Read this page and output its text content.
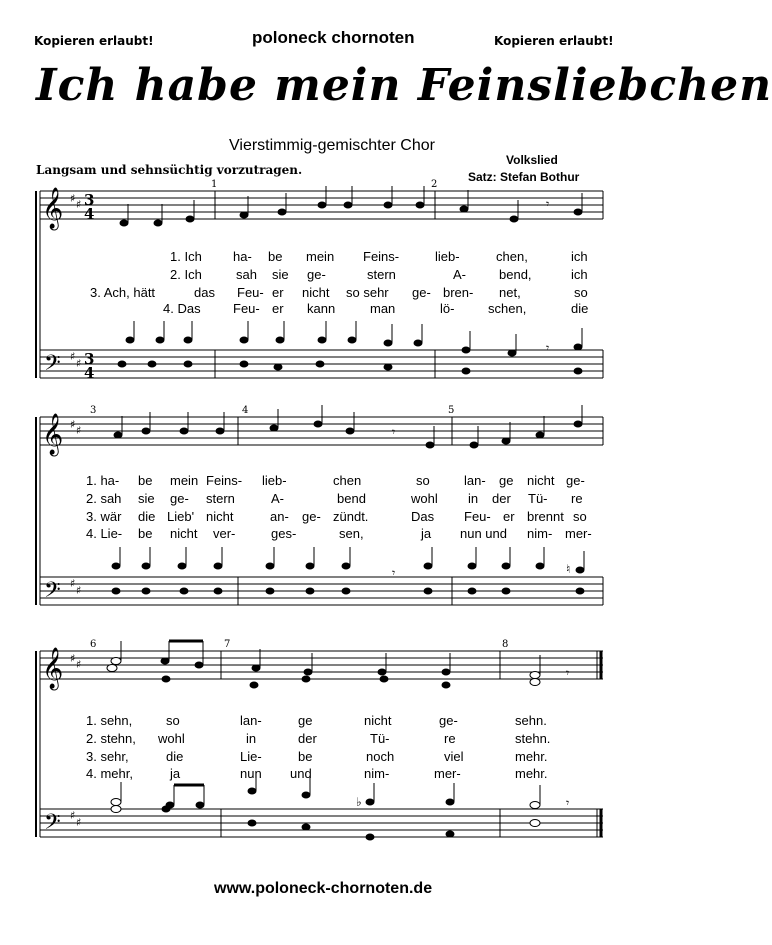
Kopieren erlaubt!	poloneck chornoten	Kopieren erlaubt!
Ich habe mein Feinsliebchen
Vierstimmig-gemischter Chor
Langsam und sehnsüchtig vorzutragen.
Volkslied
Satz: Stefan Bothur
𝄞
𝄢
♯ ♯
♯
♯
3
4
3
4
1	2
𝄾
𝄾
1. Ich ha- be mein Feins-	lieb-	chen,	ich
2. Ich	sah sie ge-	stern	A-	bend,	ich
3. Ach, hätt	das Feu- er nicht so sehr ge- bren- net,	so
4. Das Feu- er kann	man	lö-	schen,	die
𝄞
𝄢
♯ ♯
♯
♯
3	4	5
𝄾
𝄾	♮
1. ha- be mein Feins- lieb-	chen	so	lan- ge nicht ge-
2. sah sie ge- stern	A-	bend	wohl in der Tü- re
3. wär die Lieb' nicht	an- ge- zündt.	Das Feu- er brennt so
4. Lie- be nicht ver-	ges-	sen,	ja nun und nim- mer-
𝄞
𝄢
♯ ♯
♯
♯
6	7	8
𝄾
𝄾
♭
1. sehn,	so	lan-	ge	nicht	ge-	sehn.
2. stehn, wohl	in	der	Tü-	re	stehn.
3. sehr,	die	Lie-	be	noch	viel	mehr.
4. mehr,	ja	nun und	nim-	mer-	mehr.
www.poloneck-chornoten.de
